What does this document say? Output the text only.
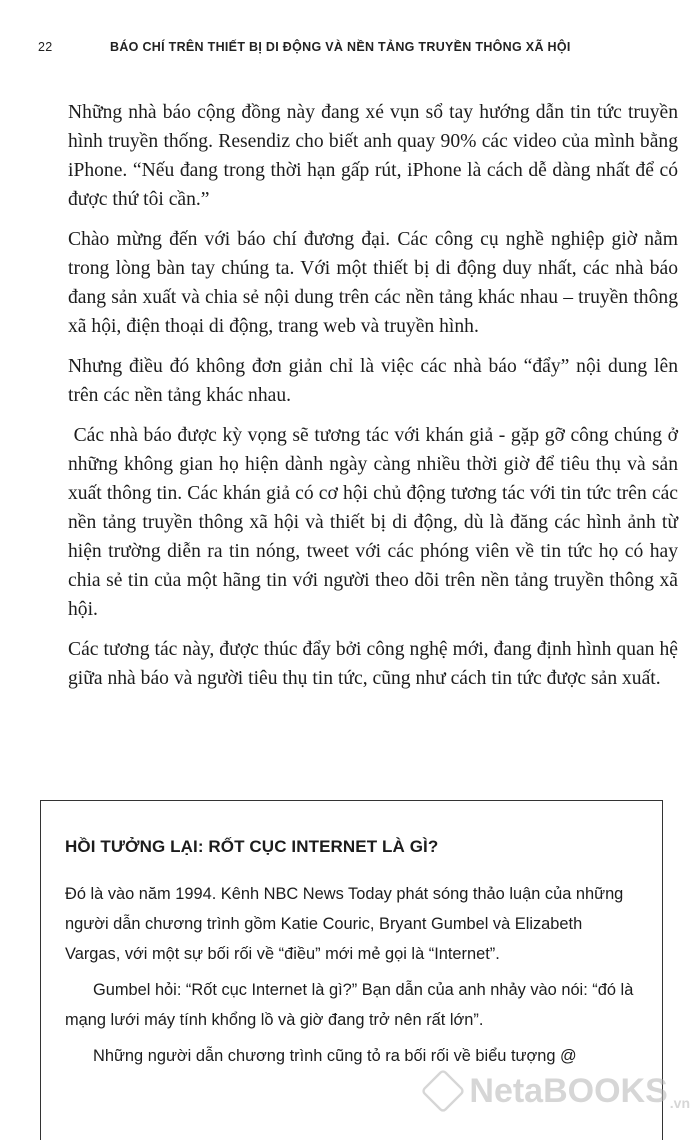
22	BÁO CHÍ TRÊN THIẾT BỊ DI ĐỘNG VÀ NỀN TẢNG TRUYỀN THÔNG XÃ HỘI

Những nhà báo cộng đồng này đang xé vụn sổ tay hướng dẫn tin tức truyền hình truyền thống. Resendiz cho biết anh quay 90% các video của mình bằng iPhone. “Nếu đang trong thời hạn gấp rút, iPhone là cách dễ dàng nhất để có được thứ tôi cần.”

Chào mừng đến với báo chí đương đại. Các công cụ nghề nghiệp giờ nằm trong lòng bàn tay chúng ta. Với một thiết bị di động duy nhất, các nhà báo đang sản xuất và chia sẻ nội dung trên các nền tảng khác nhau – truyền thông xã hội, điện thoại di động, trang web và truyền hình.

Nhưng điều đó không đơn giản chỉ là việc các nhà báo “đẩy” nội dung lên trên các nền tảng khác nhau.

Các nhà báo được kỳ vọng sẽ tương tác với khán giả - gặp gỡ công chúng ở những không gian họ hiện dành ngày càng nhiều thời giờ để tiêu thụ và sản xuất thông tin. Các khán giả có cơ hội chủ động tương tác với tin tức trên các nền tảng truyền thông xã hội và thiết bị di động, dù là đăng các hình ảnh từ hiện trường diễn ra tin nóng, tweet với các phóng viên về tin tức họ có hay chia sẻ tin của một hãng tin với người theo dõi trên nền tảng truyền thông xã hội.

Các tương tác này, được thúc đẩy bởi công nghệ mới, đang định hình quan hệ giữa nhà báo và người tiêu thụ tin tức, cũng như cách tin tức được sản xuất.

HỒI TƯỞNG LẠI: RỐT CỤC INTERNET LÀ GÌ?

Đó là vào năm 1994. Kênh NBC News Today phát sóng thảo luận của những người dẫn chương trình gồm Katie Couric, Bryant Gumbel và Elizabeth Vargas, với một sự bối rối về “điều” mới mẻ gọi là “Internet”.

Gumbel hỏi: “Rốt cục Internet là gì?” Bạn dẫn của anh nhảy vào nói: “đó là mạng lưới máy tính khổng lồ và giờ đang trở nên rất lớn”.

Những người dẫn chương trình cũng tỏ ra bối rối về biểu tượng @

NetaBOOKS .vn
